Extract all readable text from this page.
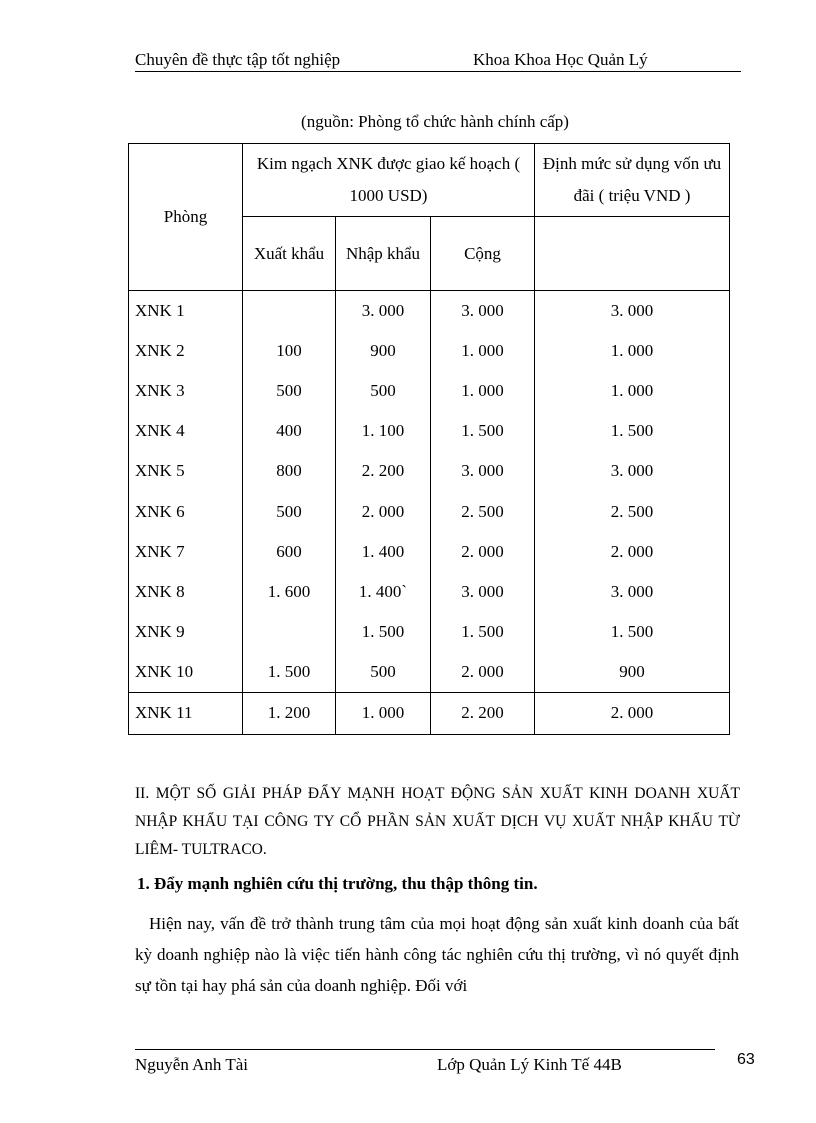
Chuyên đề thực tập tốt nghiệp	Khoa Khoa Học Quản Lý
(nguồn: Phòng tổ chức hành chính cấp)
Phòng	Kim ngạch XNK được giao kế hoạch ( 1000 USD)			Định mức sử dụng vốn ưu đãi ( triệu VND )
	Xuất khẩu	Nhập khẩu	Cộng	
XNK 1		3. 000	3. 000	3. 000
XNK 2	100	900	1. 000	1. 000
XNK 3	500	500	1. 000	1. 000
XNK 4	400	1. 100	1. 500	1. 500
XNK 5	800	2. 200	3. 000	3. 000
XNK 6	500	2. 000	2. 500	2. 500
XNK 7	600	1. 400	2. 000	2. 000
XNK 8	1. 600	1. 400`	3. 000	3. 000
XNK 9		1. 500	1. 500	1. 500
XNK 10	1. 500	500	2. 000	900
XNK 11	1. 200	1. 000	2. 200	2. 000
II. MỘT SỐ GIẢI PHÁP ĐẨY MẠNH HOẠT ĐỘNG SẢN XUẤT KINH DOANH XUẤT NHẬP KHẨU TẠI CÔNG TY CỔ PHẦN SẢN XUẤT DỊCH VỤ XUẤT NHẬP KHẨU TỪ LIÊM- TULTRACO.
1. Đẩy mạnh nghiên cứu thị trường, thu thập thông tin.
Hiện nay, vấn đề trở thành trung tâm của mọi hoạt động sản xuất kinh doanh của bất kỳ doanh nghiệp nào là việc tiến hành công tác nghiên cứu thị trường, vì nó quyết định sự tồn tại hay phá sản của doanh nghiệp. Đối với
Nguyễn Anh Tài	Lớp Quản Lý Kinh Tế 44B	63
